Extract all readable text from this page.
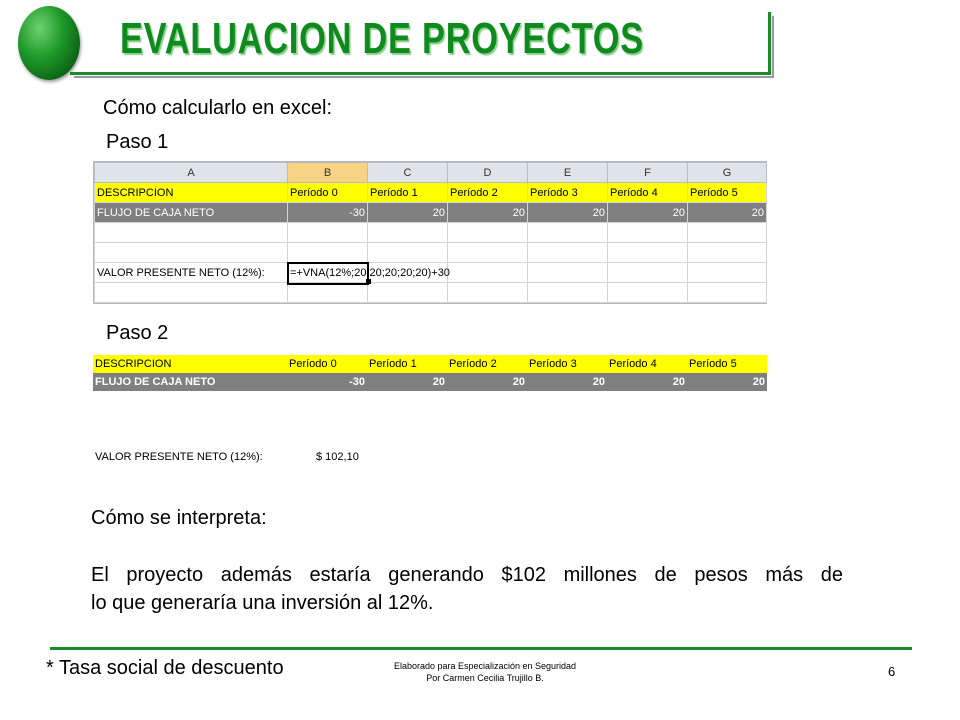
EVALUACION DE PROYECTOS
Cómo calcularlo en excel:
Paso 1
A	B	C	D	E	F	G
DESCRIPCION	Período 0	Período 1	Período 2	Período 3	Período 4	Período 5
FLUJO DE CAJA NETO	-30	20	20	20	20	20

VALOR PRESENTE NETO (12%):	=+VNA(12%;20;20;20;20;20)+30

Paso 2
DESCRIPCION	Período 0	Período 1	Período 2	Período 3	Período 4	Período 5
FLUJO DE CAJA NETO	-30	20	20	20	20	20
VALOR PRESENTE NETO (12%):	$ 102,10
Cómo se interpreta:
El proyecto además estaría generando $102 millones de pesos más de
lo que generaría una inversión al 12%.
* Tasa social de descuento	Elaborado para Especialización en Seguridad
Por Carmen Cecilia Trujillo B.	6
